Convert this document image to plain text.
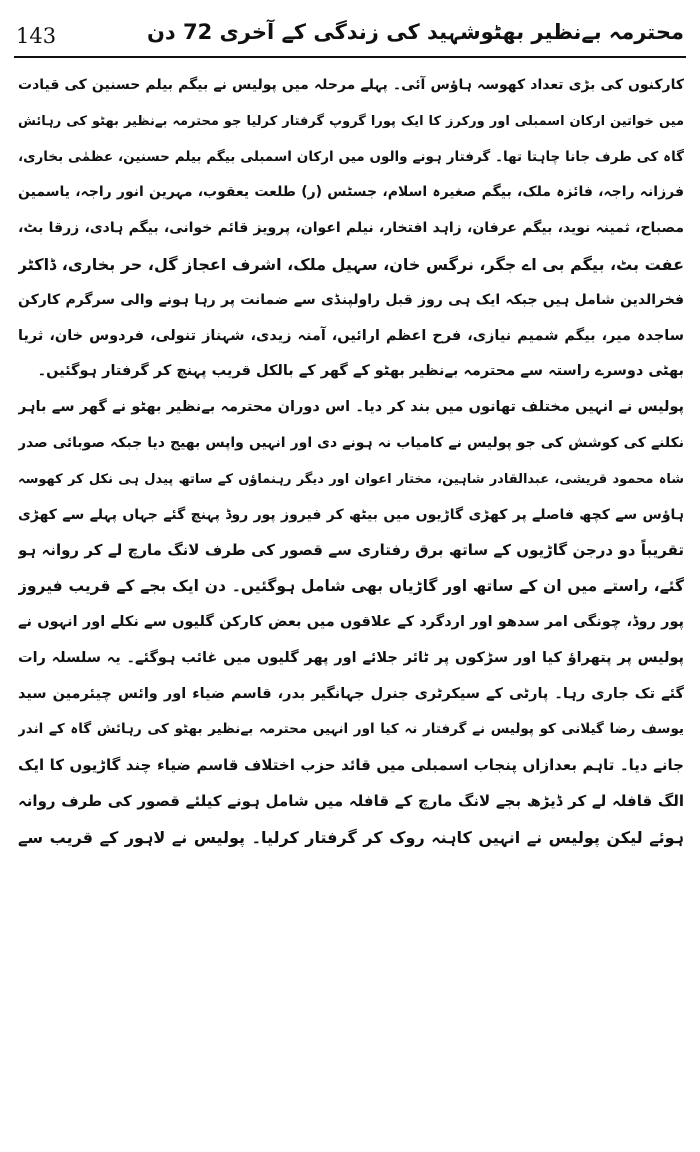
143	محترمہ بےنظیر بھٹوشہید کی زندگی کے آخری 72 دن
کارکنوں کی بڑی تعداد کھوسہ ہاؤس آئی۔ پہلے مرحلہ میں پولیس نے بیگم بیلم حسنین کی قیادت
میں خواتین ارکان اسمبلی اور ورکرز کا ایک پورا گروپ گرفتار کرلیا جو محترمہ بےنظیر بھٹو کی رہائش
گاہ کی طرف جانا چاہتا تھا۔ گرفتار ہونے والوں میں ارکان اسمبلی بیگم بیلم حسنین، عظمٰی بخاری،
فرزانہ راجہ، فائزہ ملک، بیگم صغیرہ اسلام، جسٹس (ر) طلعت یعقوب، مہرین انور راجہ، یاسمین
مصباح، ثمینہ نوید، بیگم عرفان، زاہد افتخار، نیلم اعوان، پرویز قائم خوانی، بیگم ہادی، زرقا بٹ،
عفت بٹ، بیگم بی اے جگر، نرگس خان، سہیل ملک، اشرف اعجاز گل، حر بخاری، ڈاکٹر
فخرالدین شامل ہیں جبکہ ایک ہی روز قبل راولپنڈی سے ضمانت پر رہا ہونے والی سرگرم کارکن
ساجدہ میر، بیگم شمیم نیازی، فرح اعظم ارائیں، آمنہ زیدی، شہناز تنولی، فردوس خان، ثریا
بھٹی دوسرے راستہ سے محترمہ بےنظیر بھٹو کے گھر کے بالکل قریب پہنچ کر گرفتار ہوگئیں۔
پولیس نے انہیں مختلف تھانوں میں بند کر دیا۔ اس دوران محترمہ بےنظیر بھٹو نے گھر سے باہر
نکلنے کی کوشش کی جو پولیس نے کامیاب نہ ہونے دی اور انہیں واپس بھیج دیا جبکہ صوبائی صدر
شاہ محمود قریشی، عبدالقادر شاہین، مختار اعوان اور دیگر رہنماؤں کے ساتھ پیدل ہی نکل کر کھوسہ
ہاؤس سے کچھ فاصلے پر کھڑی گاڑیوں میں بیٹھ کر فیروز پور روڈ پہنچ گئے جہاں پہلے سے کھڑی
تقریباً دو درجن گاڑیوں کے ساتھ برق رفتاری سے قصور کی طرف لانگ مارچ لے کر روانہ ہو
گئے، راستے میں ان کے ساتھ اور گاڑیاں بھی شامل ہوگئیں۔ دن ایک بجے کے قریب فیروز
پور روڈ، چونگی امر سدھو اور اردگرد کے علاقوں میں بعض کارکن گلیوں سے نکلے اور انہوں نے
پولیس پر پتھراؤ کیا اور سڑکوں پر ٹائر جلائے اور پھر گلیوں میں غائب ہوگئے۔ یہ سلسلہ رات
گئے تک جاری رہا۔ پارٹی کے سیکرٹری جنرل جہانگیر بدر، قاسم ضیاء اور وائس چیئرمین سید
یوسف رضا گیلانی کو پولیس نے گرفتار نہ کیا اور انہیں محترمہ بےنظیر بھٹو کی رہائش گاہ کے اندر
جانے دیا۔ تاہم بعدازاں پنجاب اسمبلی میں قائد حزب اختلاف قاسم ضیاء چند گاڑیوں کا ایک
الگ قافلہ لے کر ڈیڑھ بجے لانگ مارچ کے قافلہ میں شامل ہونے کیلئے قصور کی طرف روانہ
ہوئے لیکن پولیس نے انہیں کاہنہ روک کر گرفتار کرلیا۔ پولیس نے لاہور کے قریب سے
